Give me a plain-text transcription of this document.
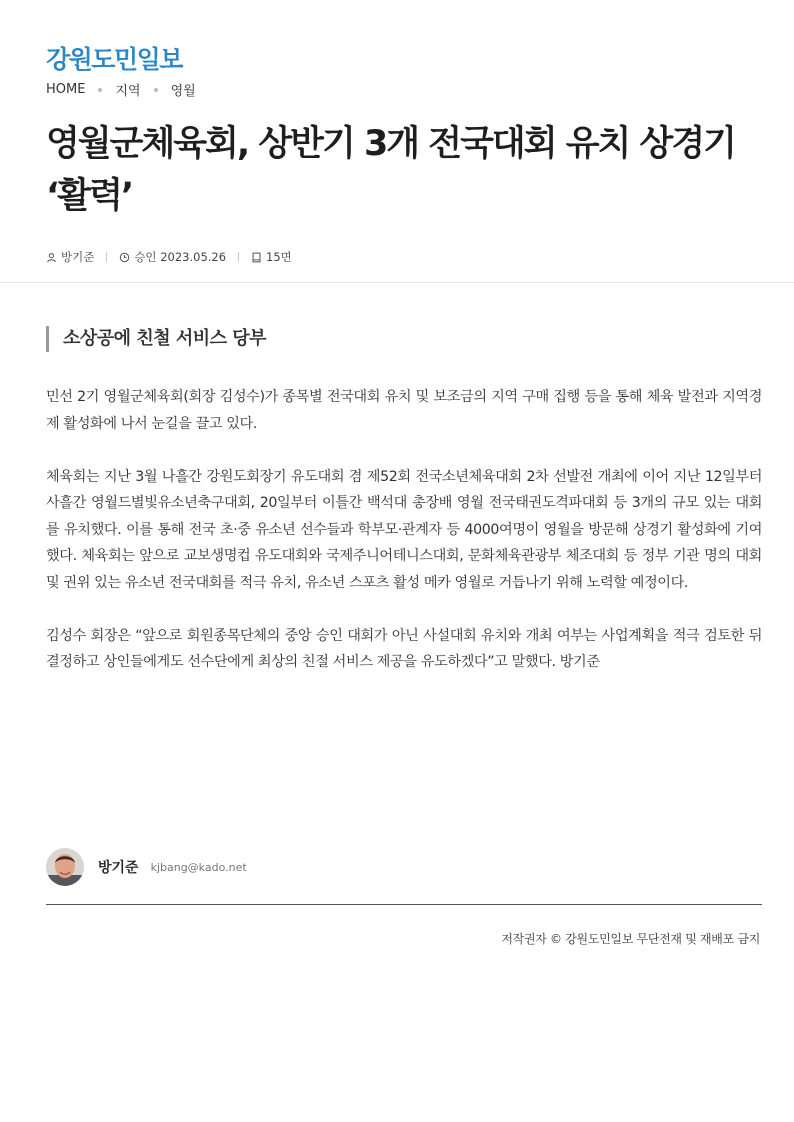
강원도민일보
HOME 지역 영월
영월군체육회, 상반기 3개 전국대회 유치 상경기 ‘활력’
방기준	승인 2023.05.26	15면
소상공에 친철 서비스 당부

민선 2기 영월군체육회(회장 김성수)가 종목별 전국대회 유치 및 보조금의 지역 구매 집행 등을 통해 체육 발전과 지역경제 활성화에 나서 눈길을 끌고 있다.

체육회는 지난 3월 나흘간 강원도회장기 유도대회 겸 제52회 전국소년체육대회 2차 선발전 개최에 이어 지난 12일부터 사흘간 영월드별빛유소년축구대회, 20일부터 이틀간 백석대 총장배 영월 전국태권도격파대회 등 3개의 규모 있는 대회를 유치했다. 이를 통해 전국 초·중 유소년 선수들과 학부모·관계자 등 4000여명이 영월을 방문해 상경기 활성화에 기여했다. 체육회는 앞으로 교보생명컵 유도대회와 국제주니어테니스대회, 문화체육관광부 체조대회 등 정부 기관 명의 대회 및 권위 있는 유소년 전국대회를 적극 유치, 유소년 스포츠 활성 메카 영월로 거듭나기 위해 노력할 예정이다.

김성수 회장은 “앞으로 회원종목단체의 중앙 승인 대회가 아닌 사설대회 유치와 개최 여부는 사업계획을 적극 검토한 뒤 결정하고 상인들에게도 선수단에게 최상의 친절 서비스 제공을 유도하겠다”고 말했다. 방기준

방기준 kjbang@kado.net
저작권자 © 강원도민일보 무단전재 및 재배포 금지
